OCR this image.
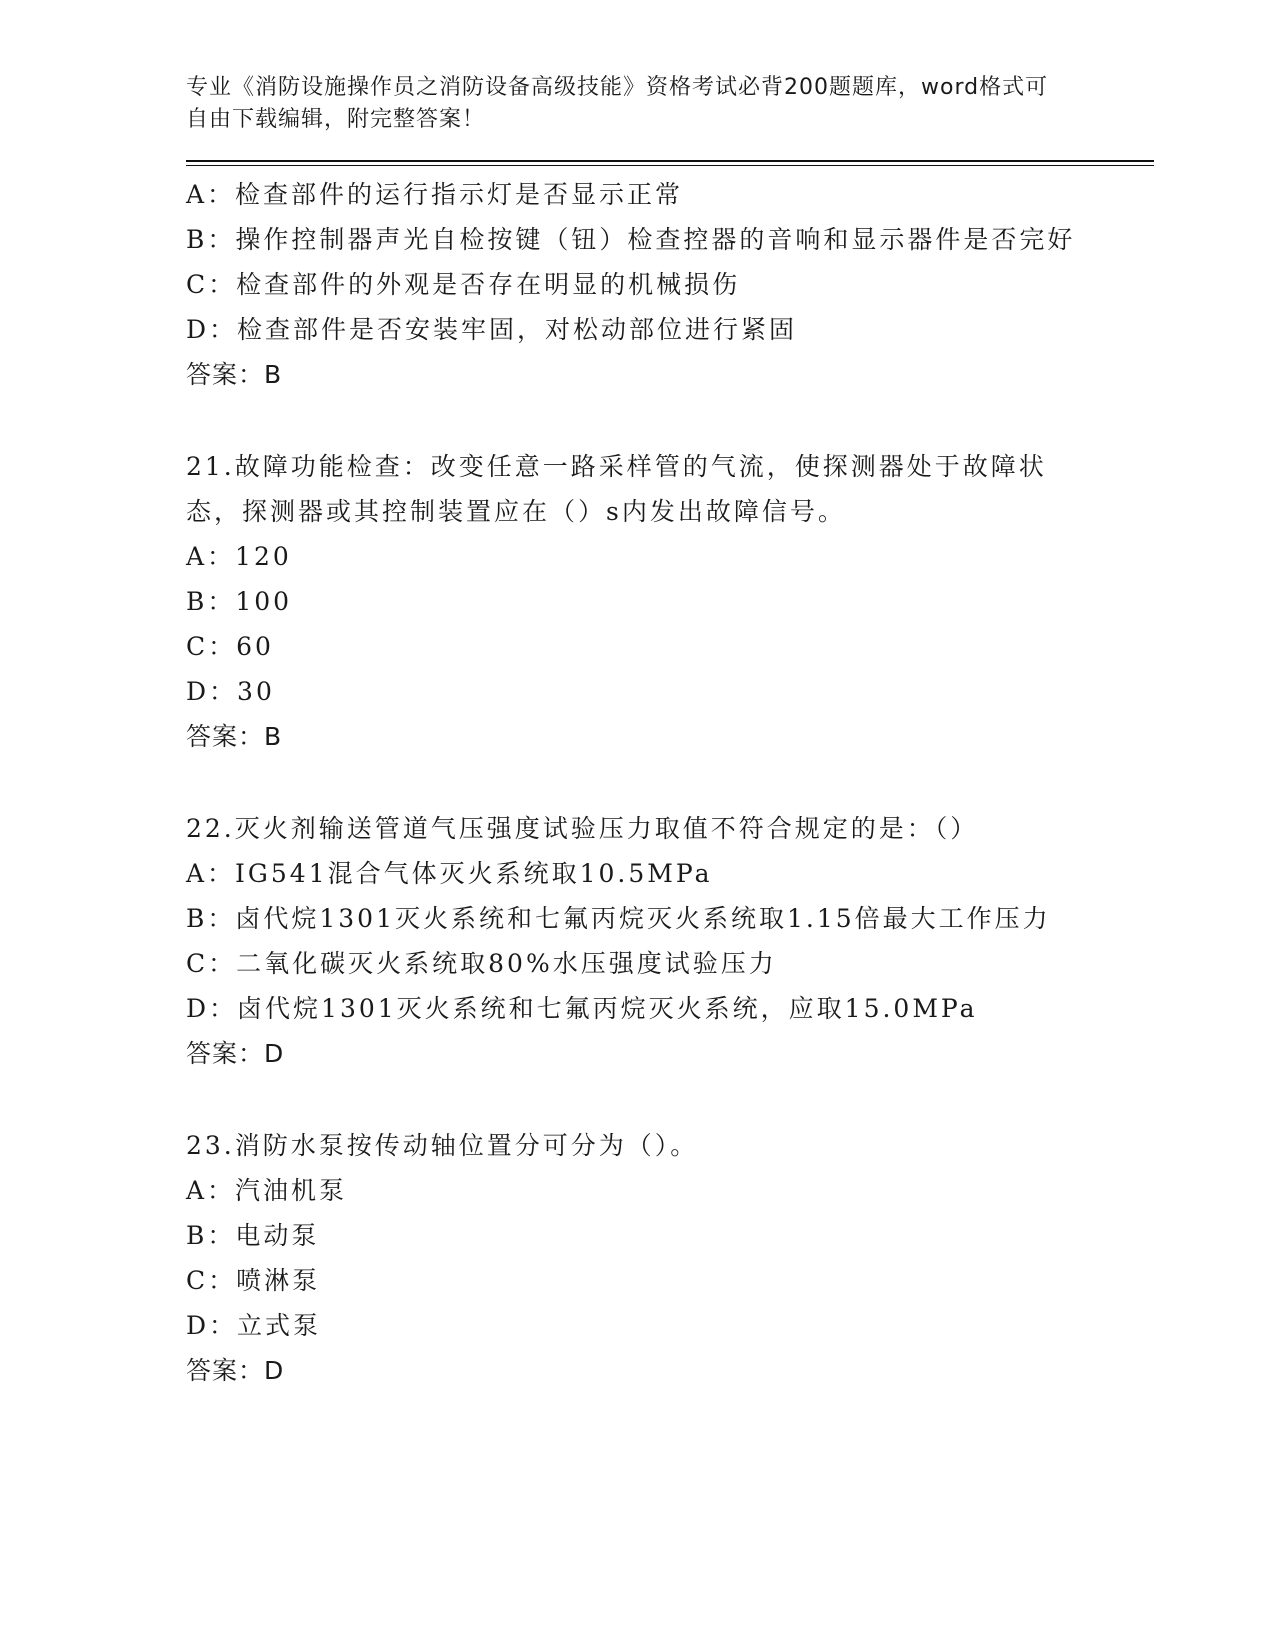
专业《消防设施操作员之消防设备高级技能》资格考试必背200题题库，word格式可自由下载编辑，附完整答案！
A：检查部件的运行指示灯是否显示正常
B：操作控制器声光自检按键（钮）检查控器的音响和显示器件是否完好
C：检查部件的外观是否存在明显的机械损伤
D：检查部件是否安装牢固，对松动部位进行紧固
答案：B
21.故障功能检查：改变任意一路采样管的气流，使探测器处于故障状态，探测器或其控制装置应在（）s内发出故障信号。
A：120
B：100
C：60
D：30
答案：B
22.灭火剂输送管道气压强度试验压力取值不符合规定的是：（）
A：IG541混合气体灭火系统取10.5MPa
B：卤代烷1301灭火系统和七氟丙烷灭火系统取1.15倍最大工作压力
C：二氧化碳灭火系统取80%水压强度试验压力
D：卤代烷1301灭火系统和七氟丙烷灭火系统，应取15.0MPa
答案：D
23.消防水泵按传动轴位置分可分为（）。
A：汽油机泵
B：电动泵
C：喷淋泵
D：立式泵
答案：D
